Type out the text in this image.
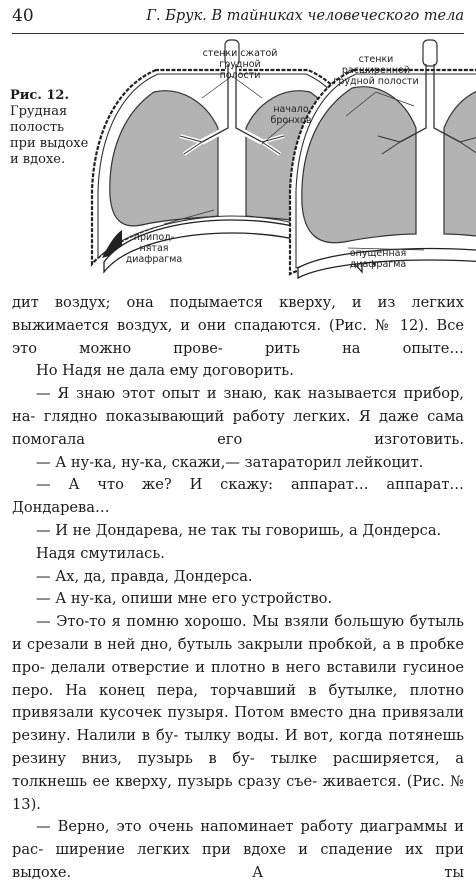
40	Г. Брук. В тайниках человеческого тела
Рис. 12. Грудная полость при выдохе и вдохе.
стенки сжатой
грудной
полости
стенки
расширенной
грудной полости
начало
бронхов
припод-
нятая
диафрагма
опущенная
диафрагма

дит воздух; она подымается кверху, и из легких выжимается воздух, и они спадаются. (Рис. № 12). Все это можно прове-	рить на опыте…

Но Надя не дала ему договорить.

— Я знаю этот опыт и знаю, как называется прибор, на- глядно показывающий работу легких. Я даже сама помогала	его изготовить.

— А ну-ка, ну-ка, скажи,— затараторил лейкоцит.

— А что же? И скажу: аппарат… аппарат… Дондарева…

— И не Дондарева, не так ты говоришь, а Дондерса.

Надя смутилась.

— Ах, да, правда, Дондерса.

— А ну-ка, опиши мне его устройство.

— Это-то я помню хорошо. Мы взяли большую бутыль и срезали в ней дно, бутыль закрыли пробкой, а в пробке про- делали отверстие и плотно в него вставили гусиное перо. На конец пера, торчавший в бутылке, плотно привязали кусочек пузыря. Потом вместо дна привязали резину. Налили в бу- тылку воды. И вот, когда потянешь резину вниз, пузырь в бу- тылке расширяется, а толкнешь ее кверху, пузырь сразу съе- живается. (Рис. № 13).

— Верно, это очень напоминает работу диаграммы и рас- ширение легких при вдохе и спадение их при выдохе. А ты
